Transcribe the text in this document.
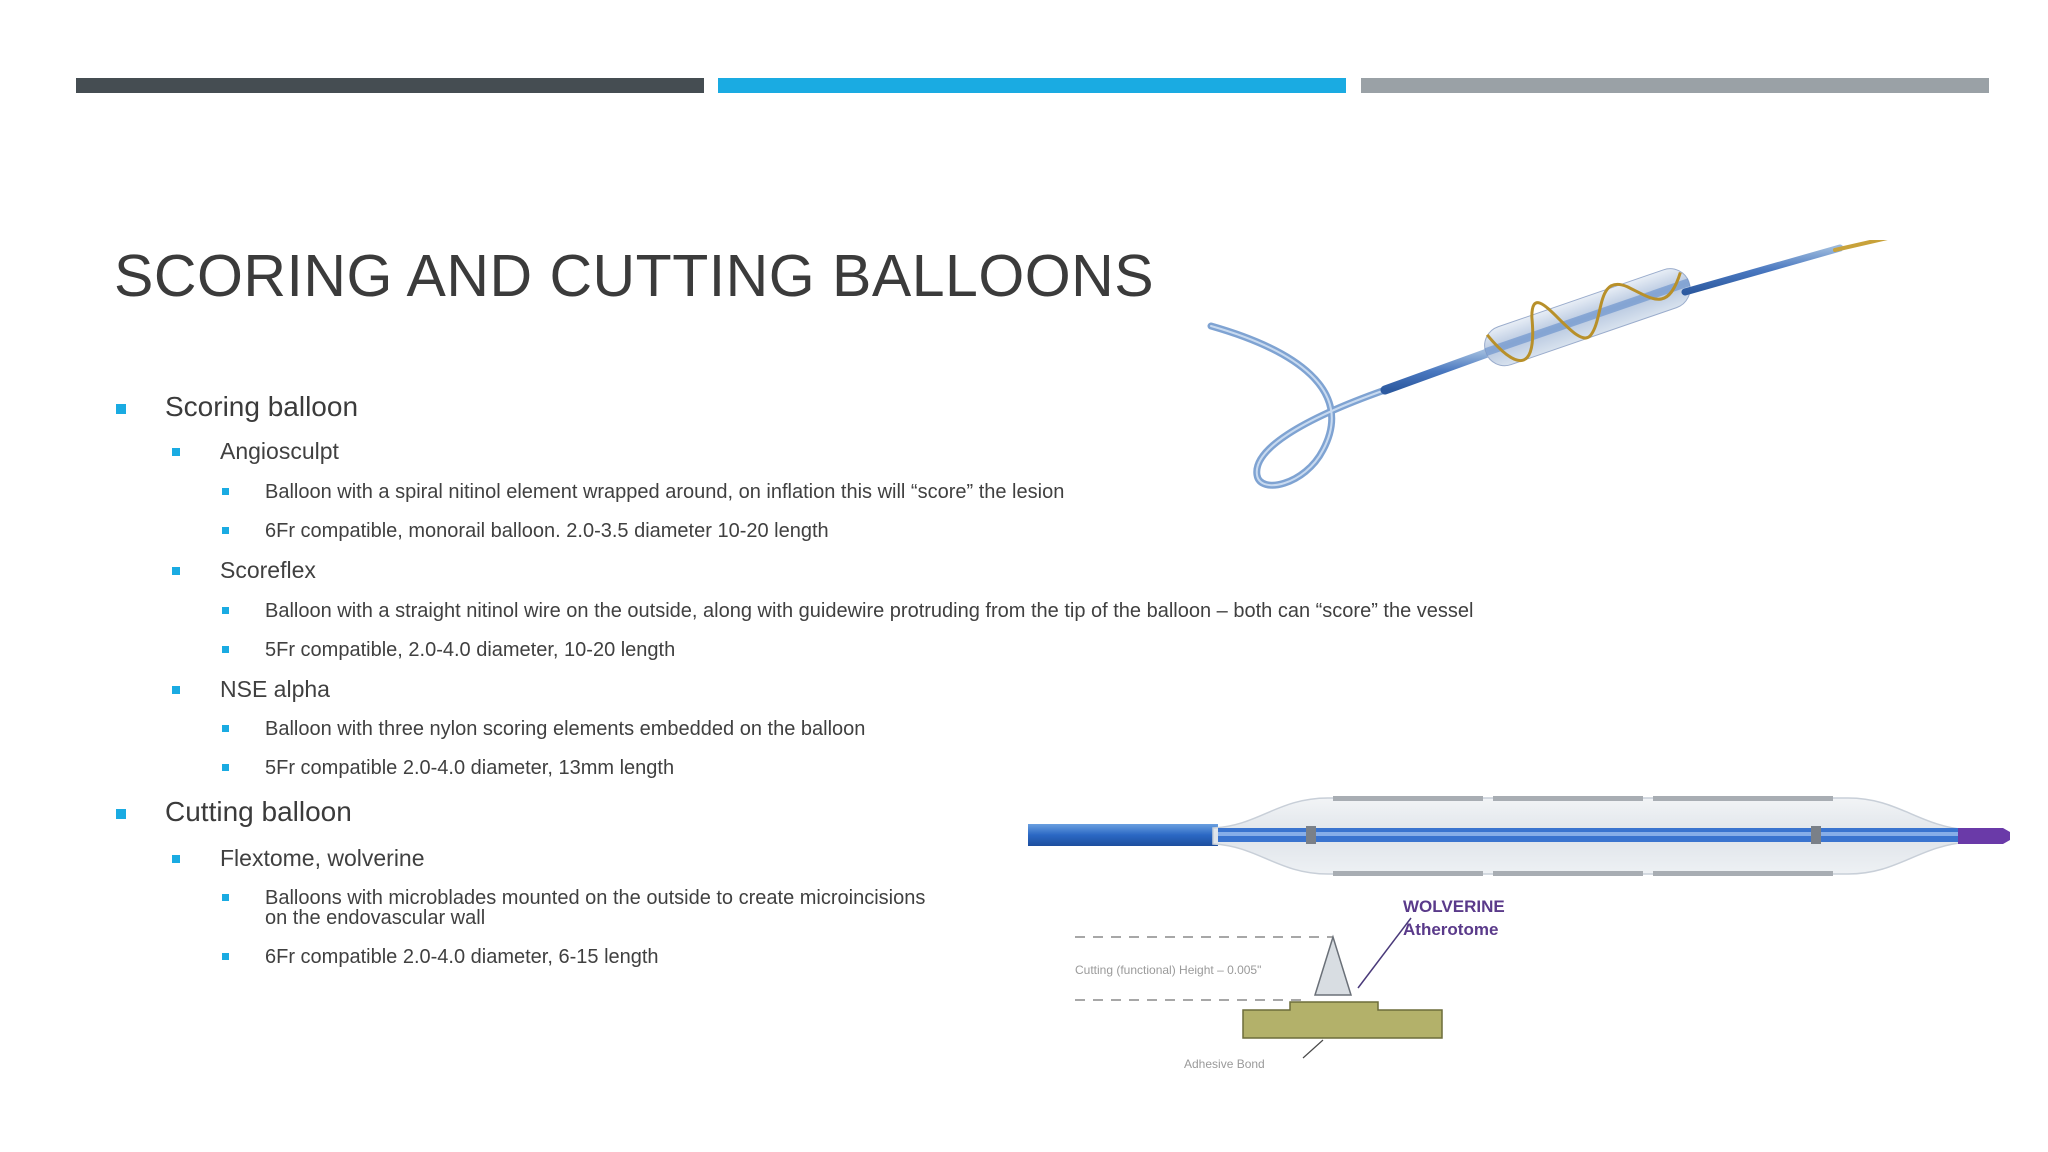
SCORING AND CUTTING BALLOONS
Scoring balloon
Angiosculpt
Balloon with a spiral nitinol element wrapped around, on inflation this will “score” the lesion
6Fr compatible, monorail balloon. 2.0-3.5 diameter 10-20 length
Scoreflex
Balloon with a straight nitinol wire on the outside, along with guidewire protruding from the tip of the balloon – both can “score” the vessel
5Fr compatible, 2.0-4.0 diameter, 10-20 length
NSE alpha
Balloon with three nylon scoring elements embedded on the balloon
5Fr compatible 2.0-4.0 diameter, 13mm length
Cutting balloon
Flextome, wolverine
Balloons with microblades mounted on the outside to create microincisions
on the endovascular wall
6Fr compatible 2.0-4.0 diameter, 6-15 length
WOLVERINE
Atherotome
Cutting (functional) Height – 0.005"
Adhesive Bond
